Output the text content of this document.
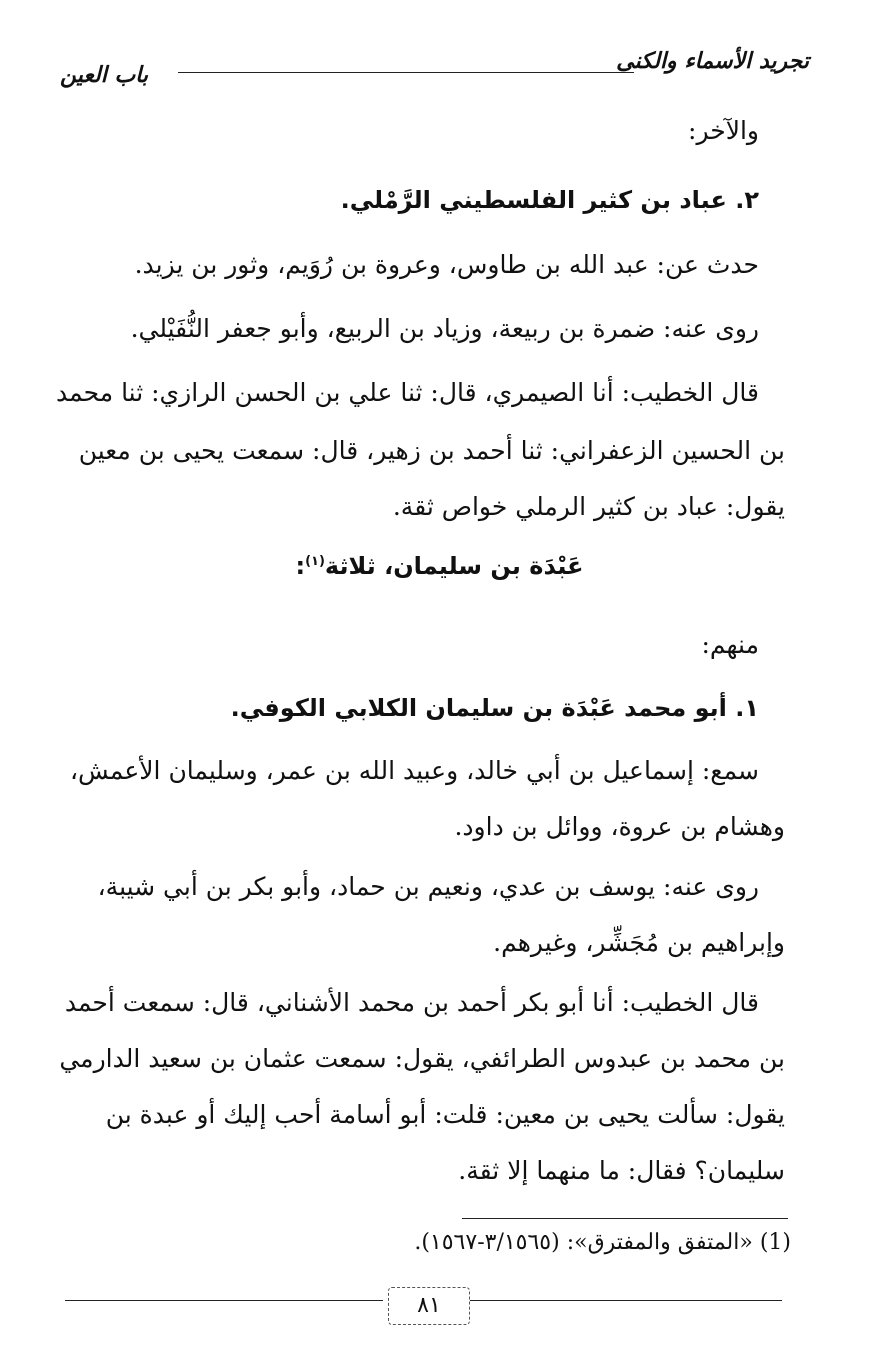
تجريد الأسماء والكنى
باب العين
والآخر:
٢. عباد بن كثير الفلسطيني الرَّمْلي.
حدث عن: عبد الله بن طاوس، وعروة بن رُوَيم، وثور بن يزيد.
روى عنه: ضمرة بن ربيعة، وزياد بن الربيع، وأبو جعفر النُّفَيْلي.
قال الخطيب: أنا الصيمري، قال: ثنا علي بن الحسن الرازي: ثنا محمد
بن الحسين الزعفراني: ثنا أحمد بن زهير، قال: سمعت يحيى بن معين
يقول: عباد بن كثير الرملي خواص ثقة.
عَبْدَة بن سليمان، ثلاثة$^{(١)}$:
منهم:
١. أبو محمد عَبْدَة بن سليمان الكلابي الكوفي.
سمع: إسماعيل بن أبي خالد، وعبيد الله بن عمر، وسليمان الأعمش،
وهشام بن عروة، ووائل بن داود.
روى عنه: يوسف بن عدي، ونعيم بن حماد، وأبو بكر بن أبي شيبة،
وإبراهيم بن مُجَشِّر، وغيرهم.
قال الخطيب: أنا أبو بكر أحمد بن محمد الأشناني، قال: سمعت أحمد
بن محمد بن عبدوس الطرائفي، يقول: سمعت عثمان بن سعيد الدارمي
يقول: سألت يحيى بن معين: قلت: أبو أسامة أحب إليك أو عبدة بن
سليمان؟ فقال: ما منهما إلا ثقة.
(1) «المتفق والمفترق»: (٣/١٥٦٥-١٥٦٧).
٨١
